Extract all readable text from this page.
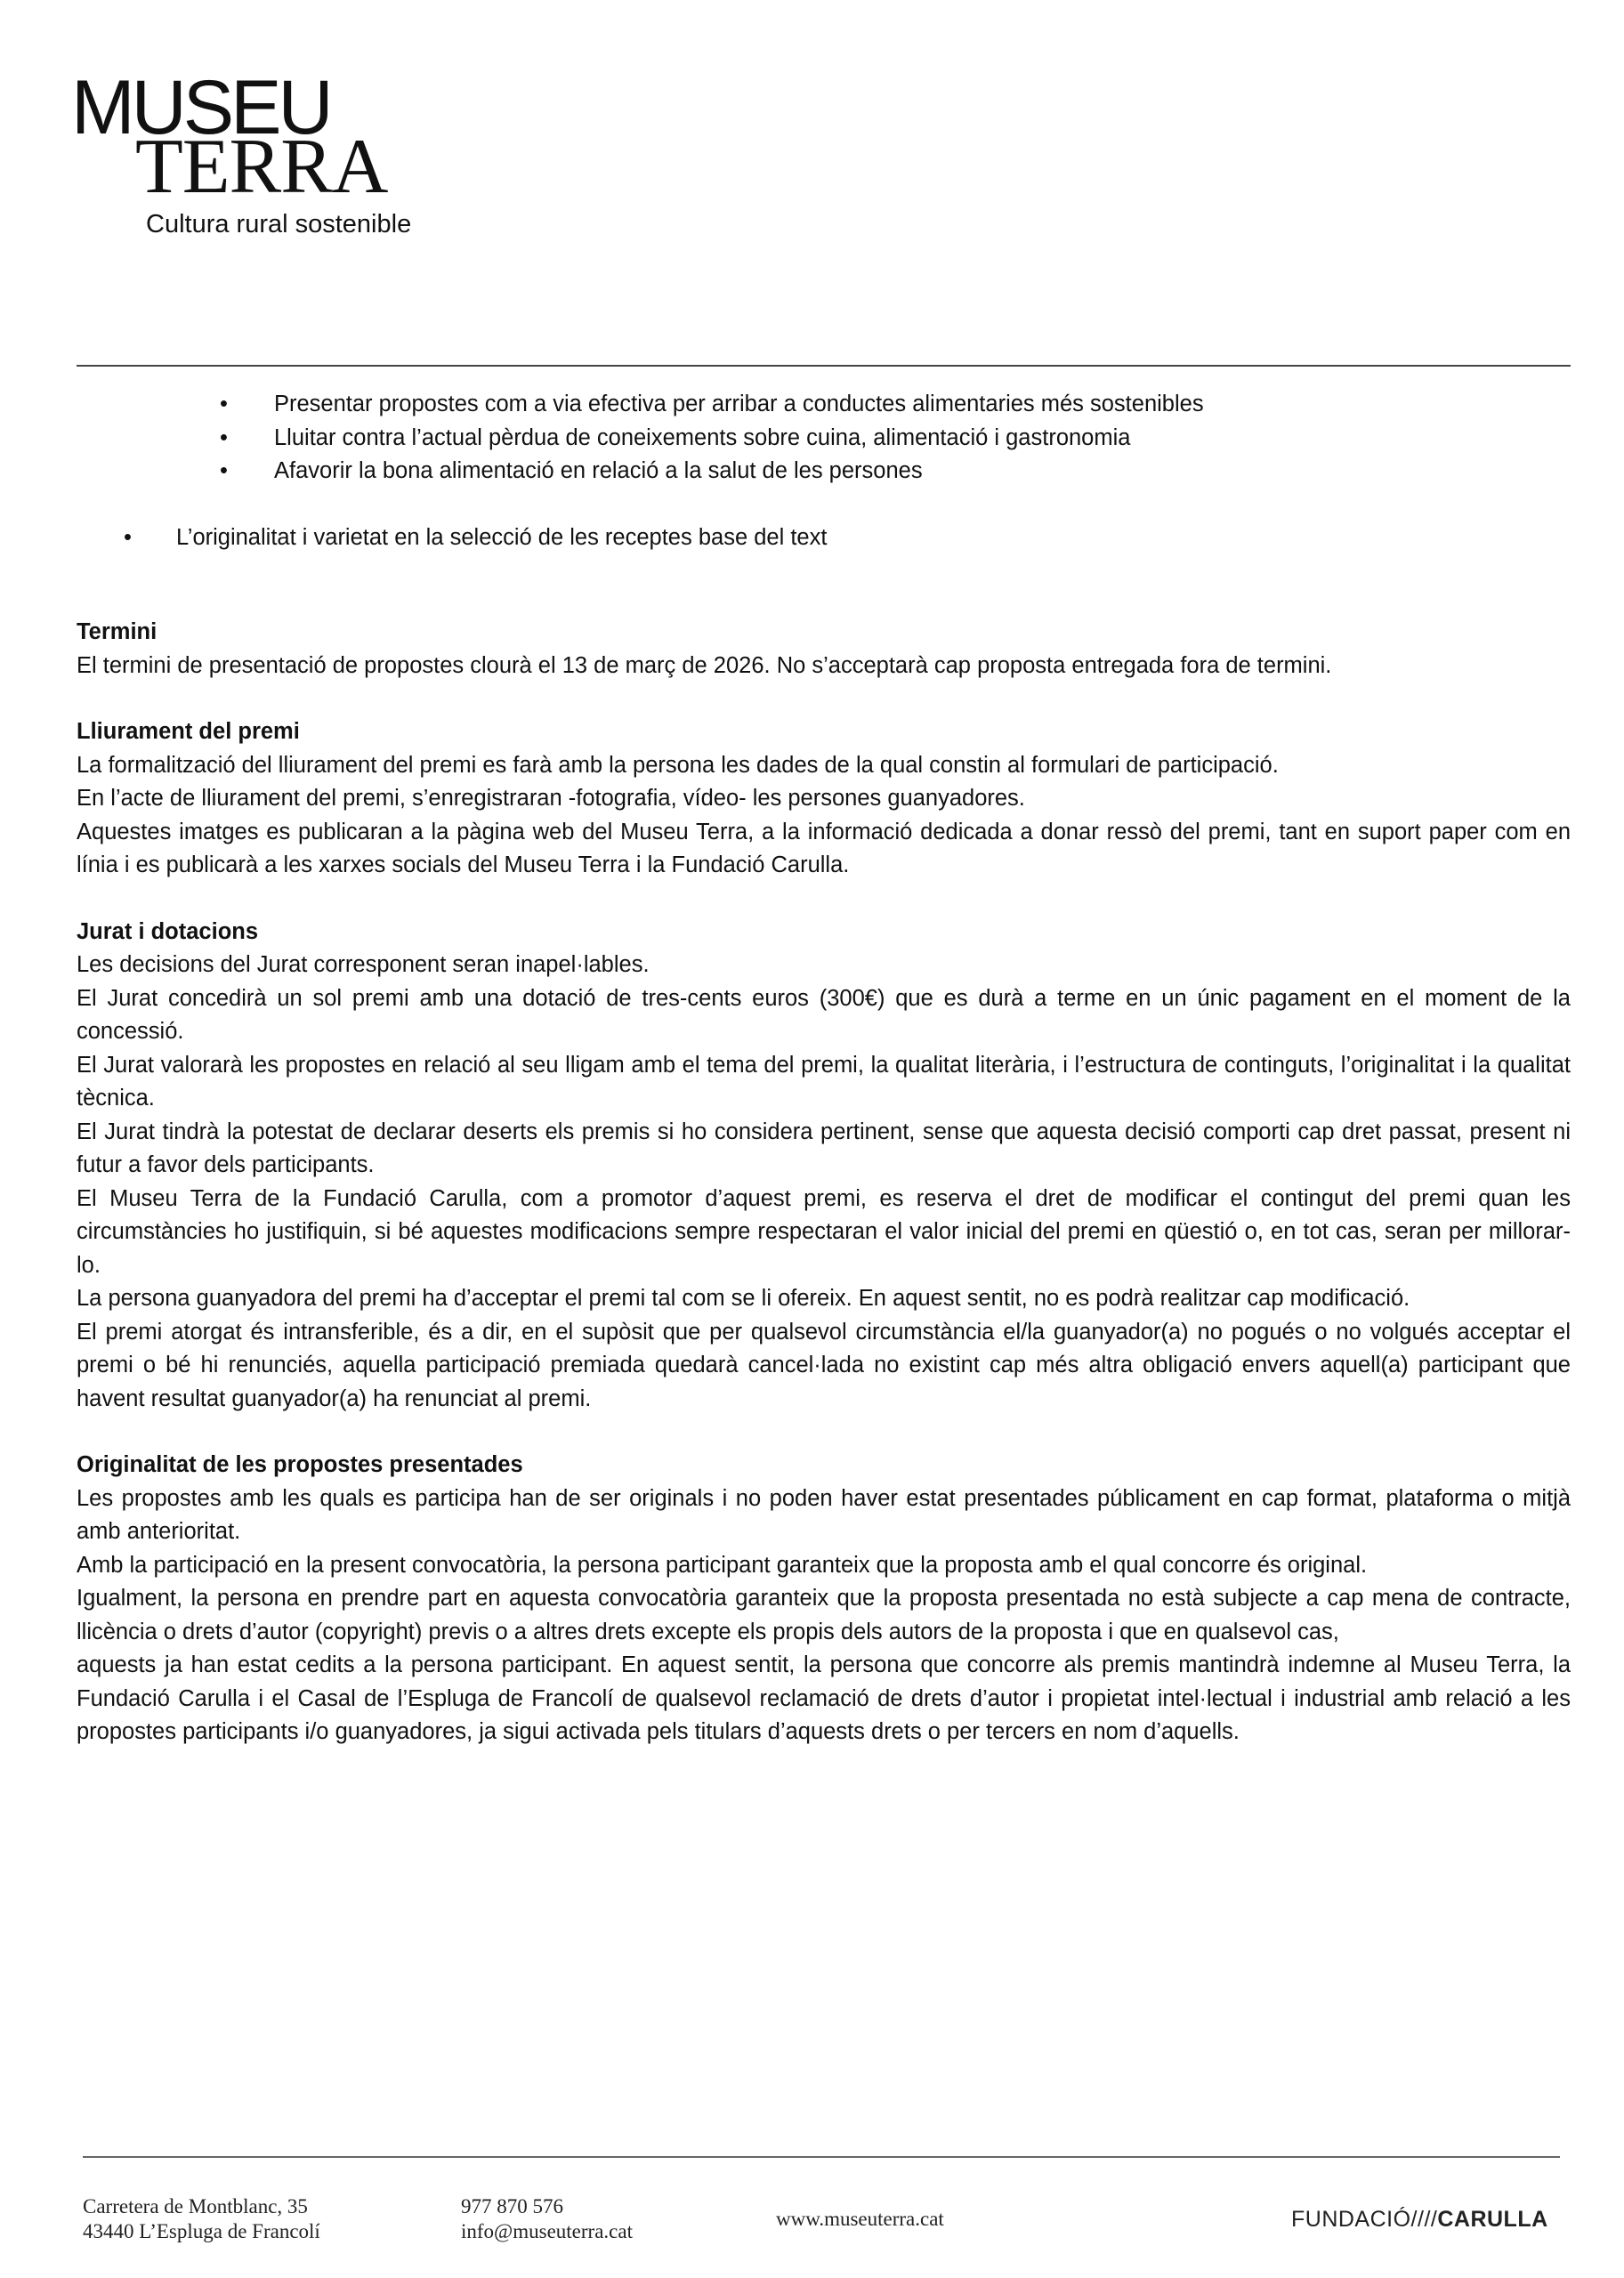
MUSEU
TERRA
Cultura rural sostenible
• Presentar propostes com a via efectiva per arribar a conductes alimentaries més sostenibles
• Lluitar contra l’actual pèrdua de coneixements sobre cuina, alimentació i gastronomia
• Afavorir la bona alimentació en relació a la salut de les persones
• L’originalitat i varietat en la selecció de les receptes base del text
Termini

El termini de presentació de propostes clourà el 13 de març de 2026. No s’acceptarà cap proposta entregada fora de termini.

Lliurament del premi

La formalització del lliurament del premi es farà amb la persona les dades de la qual constin al formulari de participació.

En l’acte de lliurament del premi, s’enregistraran -fotografia, vídeo- les persones guanyadores.

Aquestes imatges es publicaran a la pàgina web del Museu Terra, a la informació dedicada a donar ressò del premi, tant en suport paper com en línia i es publicarà a les xarxes socials del Museu Terra i la Fundació Carulla.

Jurat i dotacions

Les decisions del Jurat corresponent seran inapel·lables.

El Jurat concedirà un sol premi amb una dotació de tres-cents euros (300€) que es durà a terme en un únic pagament en el moment de la concessió.

El Jurat valorarà les propostes en relació al seu lligam amb el tema del premi, la qualitat literària, i l’estructura de continguts, l’originalitat i la qualitat tècnica.

El Jurat tindrà la potestat de declarar deserts els premis si ho considera pertinent, sense que aquesta decisió comporti cap dret passat, present ni futur a favor dels participants.

El Museu Terra de la Fundació Carulla, com a promotor d’aquest premi, es reserva el dret de modificar el contingut del premi quan les circumstàncies ho justifiquin, si bé aquestes modificacions sempre respectaran el valor inicial del premi en qüestió o, en tot cas, seran per millorar-lo.

La persona guanyadora del premi ha d’acceptar el premi tal com se li ofereix. En aquest sentit, no es podrà realitzar cap modificació.

El premi atorgat és intransferible, és a dir, en el supòsit que per qualsevol circumstància el/la guanyador(a) no pogués o no volgués acceptar el premi o bé hi renunciés, aquella participació premiada quedarà cancel·lada no existint cap més altra obligació envers aquell(a) participant que havent resultat guanyador(a) ha renunciat al premi.

Originalitat de les propostes presentades

Les propostes amb les quals es participa han de ser originals i no poden haver estat presentades públicament en cap format, plataforma o mitjà amb anterioritat.

Amb la participació en la present convocatòria, la persona participant garanteix que la proposta amb el qual concorre és original.

Igualment, la persona en prendre part en aquesta convocatòria garanteix que la proposta presentada no està subjecte a cap mena de contracte, llicència o drets d’autor (copyright) previs o a altres drets excepte els propis dels autors de la proposta i que en qualsevol cas,

aquests ja han estat cedits a la persona participant. En aquest sentit, la persona que concorre als premis mantindrà indemne al Museu Terra, la Fundació Carulla i el Casal de l’Espluga de Francolí de qualsevol reclamació de drets d’autor i propietat intel·lectual i industrial amb relació a les propostes participants i/o guanyadores, ja sigui activada pels titulars d’aquests drets o per tercers en nom d’aquells.

Carretera de Montblanc, 35
43440 L’Espluga de Francolí
977 870 576
info@museuterra.cat
www.museuterra.cat	FUNDACIÓ////CARULLA
